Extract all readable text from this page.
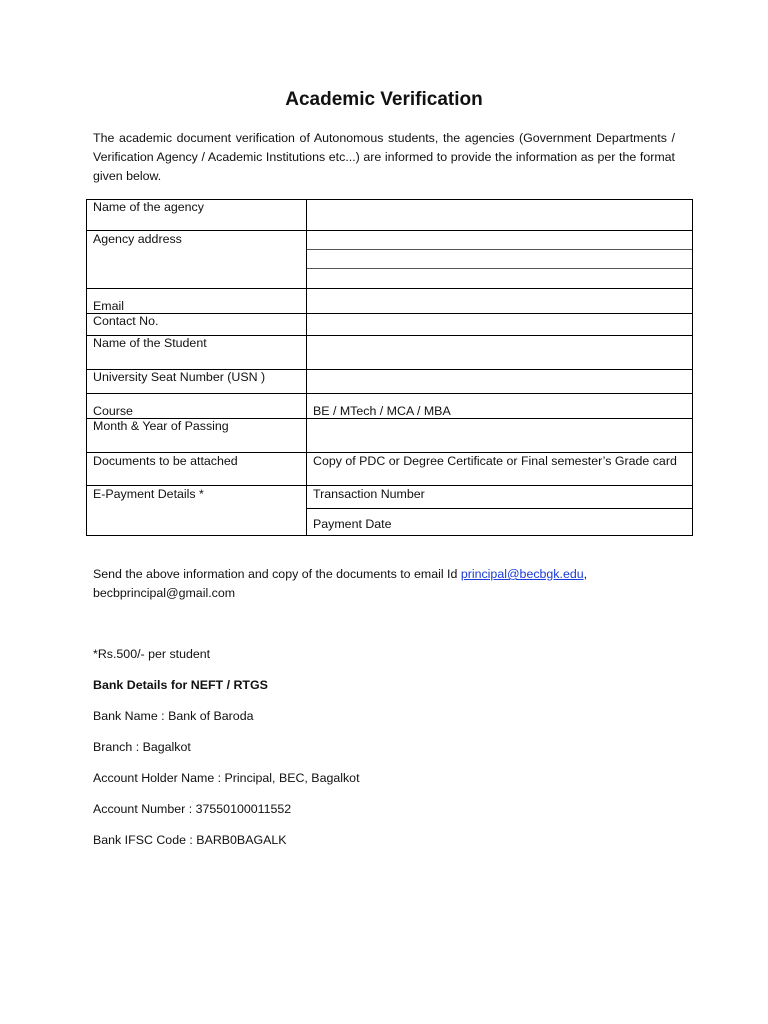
Academic Verification

The academic document verification of Autonomous students, the agencies (Government Departments / Verification Agency / Academic Institutions etc...) are informed to provide the information as per the format given below.

Name of the agency	
Agency address	

Email	
Contact No.	
Name of the Student	
University Seat Number (USN )	
Course	BE / MTech / MCA / MBA
Month & Year of Passing	
Documents to be attached	Copy of PDC or Degree Certificate or Final semester’s Grade card
E-Payment Details *	Transaction Number
Payment Date

Send the above information and copy of the documents to email Id principal@becbgk.edu,
becbprincipal@gmail.com

*Rs.500/- per student

Bank Details for NEFT / RTGS

Bank Name : Bank of Baroda

Branch : Bagalkot

Account Holder Name : Principal, BEC, Bagalkot

Account Number : 37550100011552

Bank IFSC Code : BARB0BAGALK
